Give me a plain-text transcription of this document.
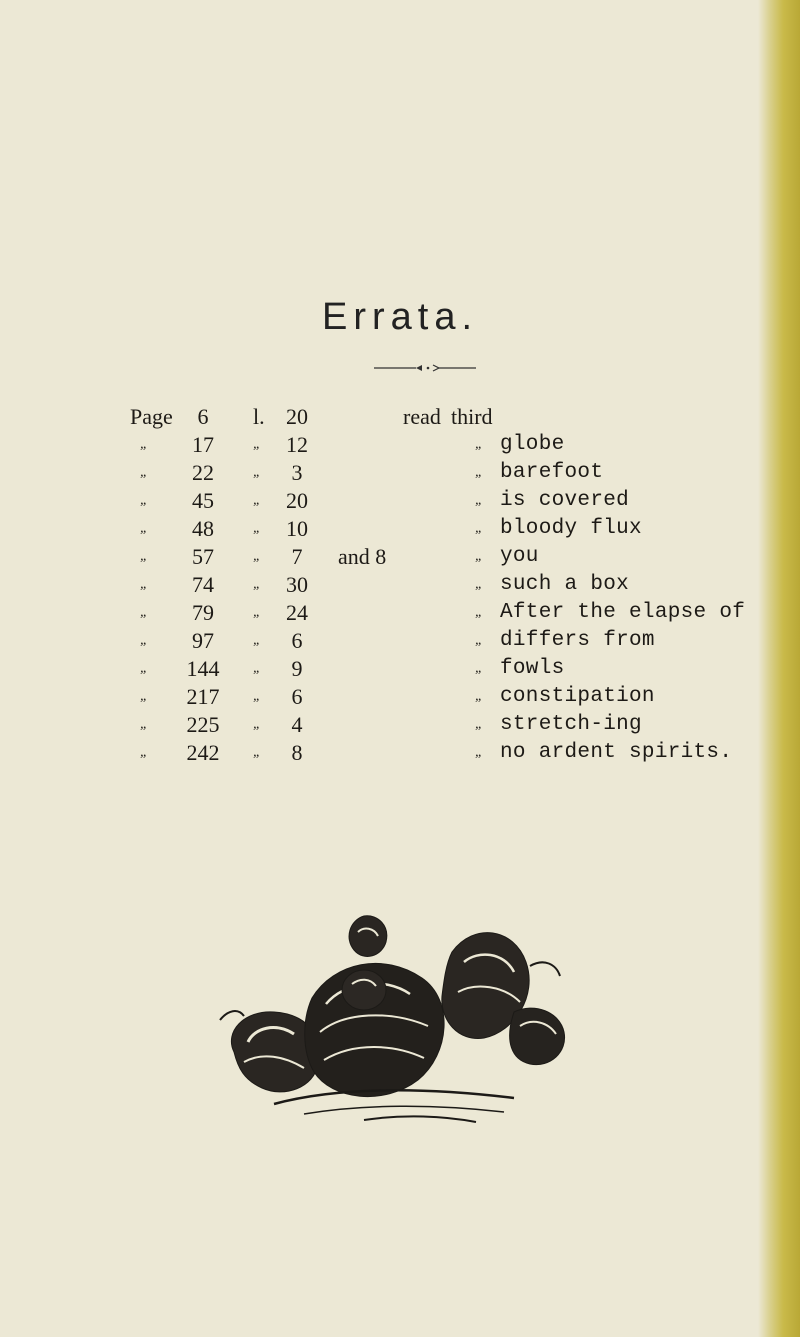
Errata.
Page	6	l. 20	read third
„	17	„	12	„ globe
„	22	„	3	„ barefoot
„	45	„	20	„ is covered
„	48	„	10	„ bloody flux
„	57	„	7	and 8	„ you
„	74	„	30	„ such a box
„	79	„	24	„ After the elapse of
„	97	„	6	„ differs from
„	144	„	9	„ fowls
„	217	„	6	„ constipation
„	225	„	4	„ stretch-ing
„	242	„	8	„ no ardent spirits.
